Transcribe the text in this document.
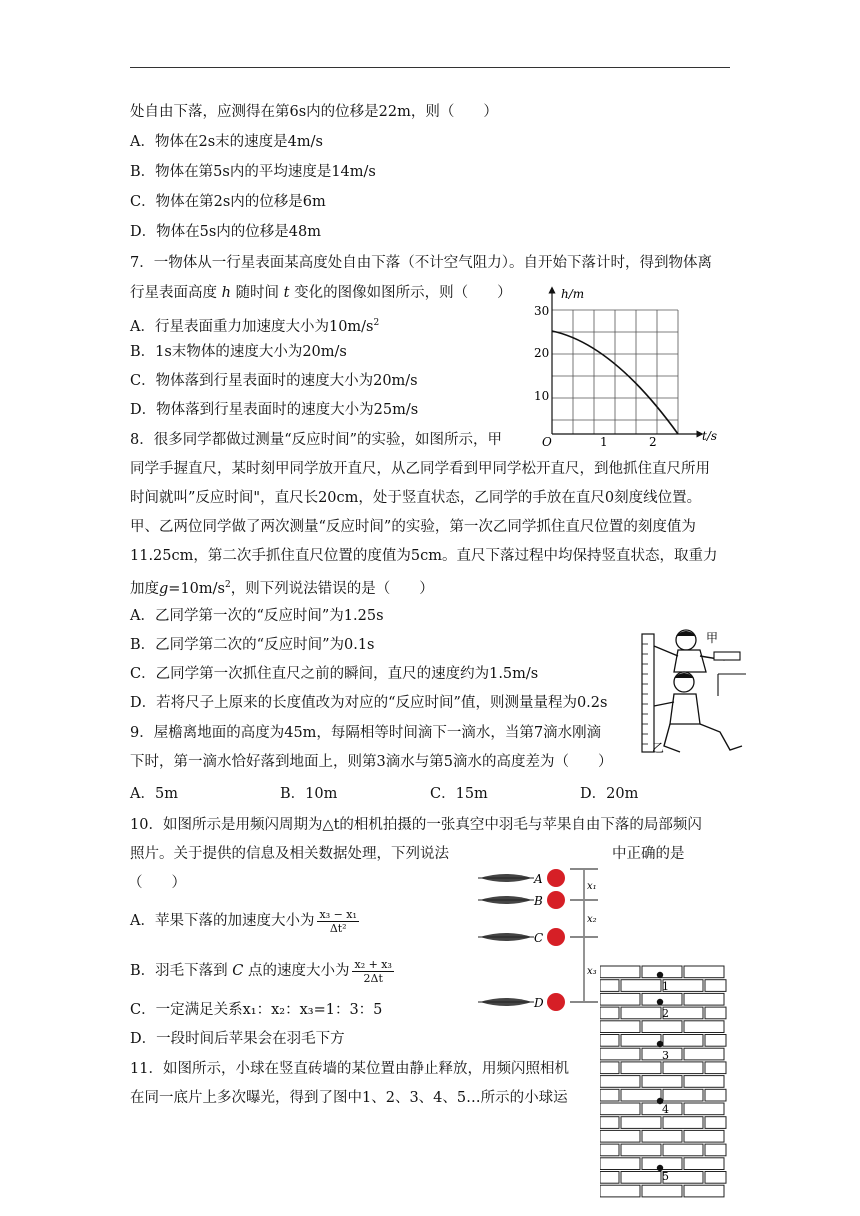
处自由下落，应测得在第6s内的位移是22m，则（　　）
A．物体在2s末的速度是4m/s
B．物体在第5s内的平均速度是14m/s
C．物体在第2s内的位移是6m
D．物体在5s内的位移是48m
7．一物体从一行星表面某高度处自由下落（不计空气阻力）。自开始下落计时，得到物体离
行星表面高度 h 随时间 t 变化的图像如图所示，则（　　）
A．行星表面重力加速度大小为$10m/s^2$
B．1s末物体的速度大小为20m/s
C．物体落到行星表面时的速度大小为20m/s
D．物体落到行星表面时的速度大小为25m/s
h/m
t/s
O
10
20
30
1	2
8．很多同学都做过测量“反应时间”的实验，如图所示，甲
同学手握直尺，某时刻甲同学放开直尺，从乙同学看到甲同学松开直尺，到他抓住直尺所用
时间就叫”反应时间"，直尺长20cm，处于竖直状态，乙同学的手放在直尺0刻度线位置。
甲、乙两位同学做了两次测量“反应时间”的实验，第一次乙同学抓住直尺位置的刻度值为
11.25cm，第二次手抓住直尺位置的度值为5cm。直尺下落过程中均保持竖直状态，取重力
加度$g=10m/s^2$，则下列说法错误的是（　　）
A．乙同学第一次的“反应时间”为1.25s
B．乙同学第二次的“反应时间”为0.1s
C．乙同学第一次抓住直尺之前的瞬间，直尺的速度约为1.5m/s
D．若将尺子上原来的长度值改为对应的“反应时间”值，则测量量程为0.2s
甲
乙
9．屋檐离地面的高度为45m，每隔相等时间滴下一滴水，当第7滴水刚滴
下时，第一滴水恰好落到地面上，则第3滴水与第5滴水的高度差为（　　）
A．5m	B．10m	C．15m	D．20m
10．如图所示是用频闪周期为△t的相机拍摄的一张真空中羽毛与苹果自由下落的局部频闪
照片。关于提供的信息及相关数据处理，下列说法	中正确的是
（　　）
A．苹果下落的加速度大小为 $\frac{\text{x₃ − x₁}}{\text{Δt²}}$
B．羽毛下落到 C 点的速度大小为 $\frac{\text{x₂ + x₃}}{2\Delta t}$
C．一定满足关系x₁：x₂：x₃=1：3：5
D．一段时间后苹果会在羽毛下方
A
B
C
D
x₁
x₂
x₃
11．如图所示，小球在竖直砖墙的某位置由静止释放，用频闪照相机
在同一底片上多次曝光，得到了图中1、2、3、4、5…所示的小球运
1
2
3
4
5
